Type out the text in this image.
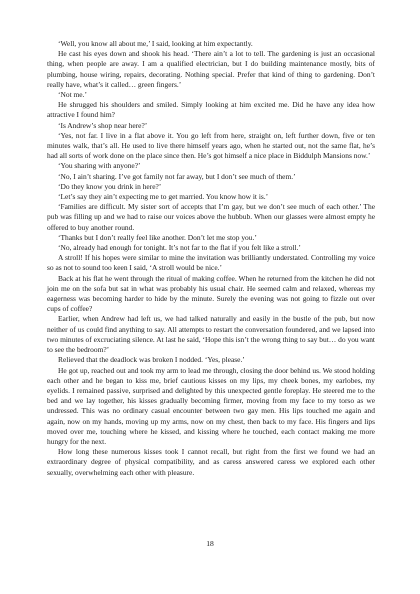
‘Well, you know all about me,’ I said, looking at him expectantly.

He cast his eyes down and shook his head. ‘There ain’t a lot to tell. The gardening is just an occasional thing, when people are away. I am a qualified electrician, but I do building maintenance mostly, bits of plumbing, house wiring, repairs, decorating. Nothing special. Prefer that kind of thing to gardening. Don’t really have, what’s it called… green fingers.’

‘Not me.’

He shrugged his shoulders and smiled. Simply looking at him excited me. Did he have any idea how attractive I found him?

‘Is Andrew’s shop near here?’

‘Yes, not far. I live in a flat above it. You go left from here, straight on, left further down, five or ten minutes walk, that’s all. He used to live there himself years ago, when he started out, not the same flat, he’s had all sorts of work done on the place since then. He’s got himself a nice place in Biddulph Mansions now.’

‘You sharing with anyone?’

‘No, I ain’t sharing. I’ve got family not far away, but I don’t see much of them.’

‘Do they know you drink in here?’

‘Let’s say they ain’t expecting me to get married. You know how it is.’

‘Families are difficult. My sister sort of accepts that I’m gay, but we don’t see much of each other.’ The pub was filling up and we had to raise our voices above the hubbub. When our glasses were almost empty he offered to buy another round.

‘Thanks but I don’t really feel like another. Don’t let me stop you.’

‘No, already had enough for tonight. It’s not far to the flat if you felt like a stroll.’

A stroll! If his hopes were similar to mine the invitation was brilliantly understated. Controlling my voice so as not to sound too keen I said, ‘A stroll would be nice.’

Back at his flat he went through the ritual of making coffee. When he returned from the kitchen he did not join me on the sofa but sat in what was probably his usual chair. He seemed calm and relaxed, whereas my eagerness was becoming harder to hide by the minute. Surely the evening was not going to fizzle out over cups of coffee?

Earlier, when Andrew had left us, we had talked naturally and easily in the bustle of the pub, but now neither of us could find anything to say. All attempts to restart the conversation foundered, and we lapsed into two minutes of excruciating silence. At last he said, ‘Hope this isn’t the wrong thing to say but… do you want to see the bedroom?’

Relieved that the deadlock was broken I nodded. ‘Yes, please.’

He got up, reached out and took my arm to lead me through, closing the door behind us. We stood holding each other and he began to kiss me, brief cautious kisses on my lips, my cheek bones, my earlobes, my eyelids. I remained passive, surprised and delighted by this unexpected gentle foreplay. He steered me to the bed and we lay together, his kisses gradually becoming firmer, moving from my face to my torso as we undressed. This was no ordinary casual encounter between two gay men. His lips touched me again and again, now on my hands, moving up my arms, now on my chest, then back to my face. His fingers and lips moved over me, touching where he kissed, and kissing where he touched, each contact making me more hungry for the next.

How long these numerous kisses took I cannot recall, but right from the first we found we had an extraordinary degree of physical compatibility, and as caress answered caress we explored each other sexually, overwhelming each other with pleasure.

18
